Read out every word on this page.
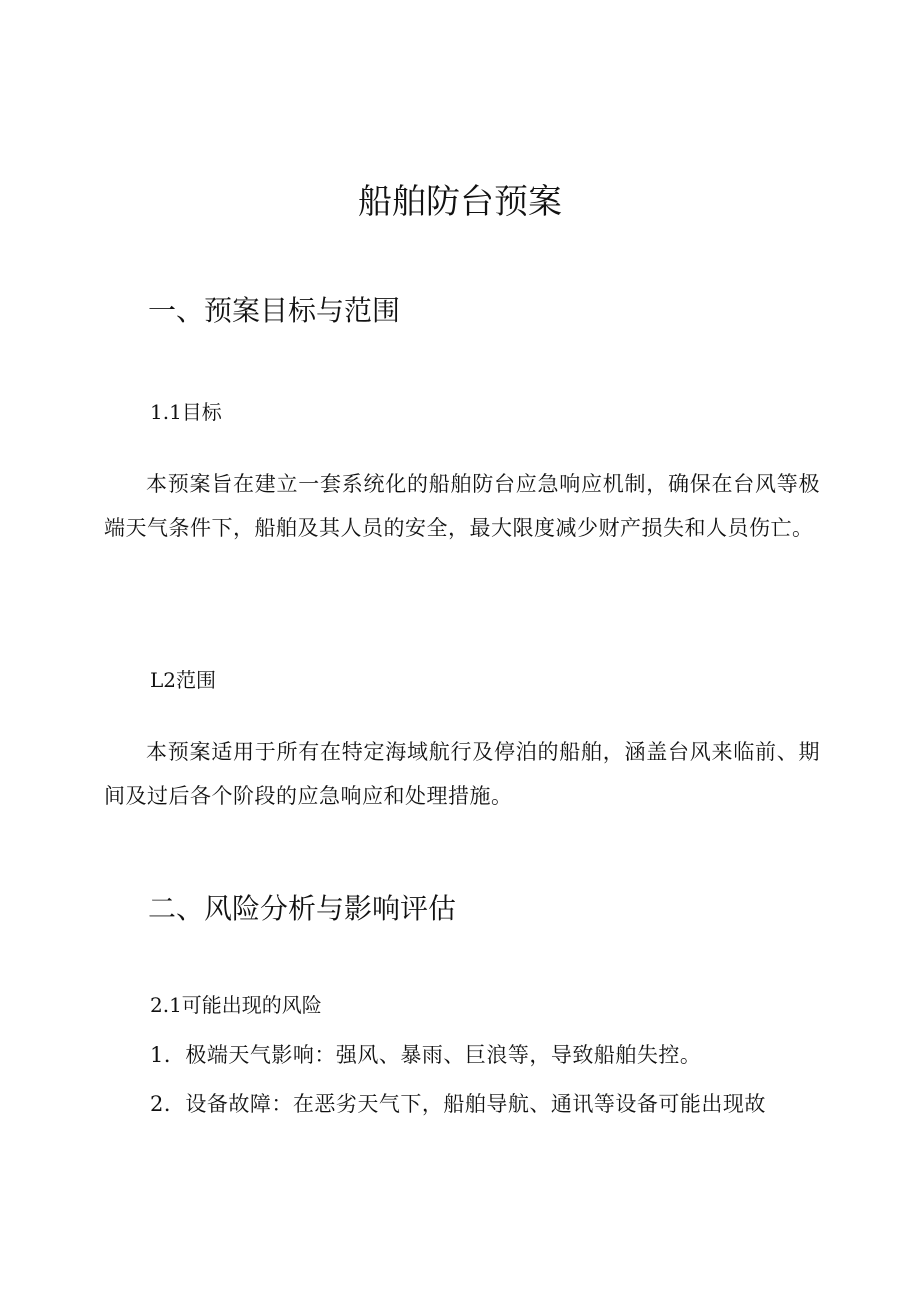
船舶防台预案
一、预案目标与范围
1.1目标
本预案旨在建立一套系统化的船舶防台应急响应机制，确保在台风等极端天气条件下，船舶及其人员的安全，最大限度减少财产损失和人员伤亡。
L2范围
本预案适用于所有在特定海域航行及停泊的船舶，涵盖台风来临前、期间及过后各个阶段的应急响应和处理措施。
二、风险分析与影响评估
2.1可能出现的风险
1．极端天气影响：强风、暴雨、巨浪等，导致船舶失控。
2．设备故障：在恶劣天气下，船舶导航、通讯等设备可能出现故
